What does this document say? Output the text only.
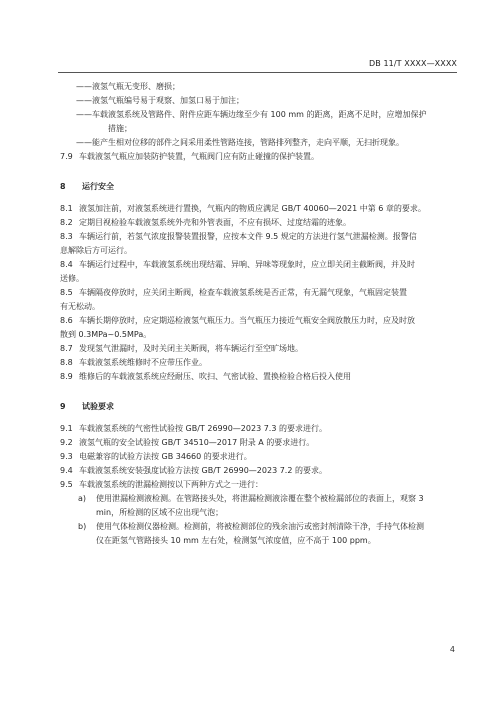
DB 11/T XXXX—XXXX
——液氢气瓶无变形、磨损；
——液氢气瓶编号易于观察、加氢口易于加注；
——车载液氢系统及管路件、附件应距车辆边缘至少有 100 mm 的距离，距离不足时，应增加保护
措施；
——能产生相对位移的部件之间采用柔性管路连接，管路排列整齐，走向平顺，无扫折现象。
7.9 车载液氢气瓶应加装防护装置，气瓶阀门应有防止碰撞的保护装置。
8 运行安全
8.1 液氢加注前，对液氢系统进行置换，气瓶内的物质应满足 GB/T 40060—2021 中第 6 章的要求。
8.2 定期目视检验车载液氢系统外壳和外管表面，不应有损坏、过度结霜的迹象。
8.3 车辆运行前，若氢气浓度报警装置报警，应按本文件 9.5 规定的方法进行氢气泄漏检测。报警信
息解除后方可运行。
8.4 车辆运行过程中，车载液氢系统出现结霜、异响、异味等现象时，应立即关闭主截断阀，并及时
送修。
8.5 车辆隔夜停放时，应关闭主断阀，检查车载液氢系统是否正常，有无漏气现象，气瓶固定装置
有无松动。
8.6 车辆长期停放时，应定期巡检液氢气瓶压力。当气瓶压力接近气瓶安全阀放散压力时，应及时放
散到 0.3MPa~0.5MPa。
8.7 发现氢气泄漏时，及时关闭主关断阀，将车辆运行至空旷场地。
8.8 车载液氢系统维修时不应带压作业。
8.9 维修后的车载液氢系统应经耐压、吹扫、气密试验、置换检验合格后投入使用
9 试验要求
9.1 车载液氢系统的气密性试验按 GB/T 26990—2023 7.3 的要求进行。
9.2 液氢气瓶的安全试验按 GB/T 34510—2017 附录 A 的要求进行。
9.3 电磁兼容的试验方法按 GB 34660 的要求进行。
9.4 车载液氢系统安装强度试验方法按 GB/T 26990—2023 7.2 的要求。
9.5 车载液氢系统的泄漏检测按以下两种方式之一进行：
a) 使用泄漏检测液检测。在管路接头处，将泄漏检测液涂覆在整个被检漏部位的表面上，观察 3
min，所检测的区域不应出现气泡；
b) 使用气体检测仪器检测。检测前，将被检测部位的残余油污或密封剂清除干净，手持气体检测
仪在距氢气管路接头 10 mm 左右处，检测氢气浓度值，应不高于 100 ppm。
4
